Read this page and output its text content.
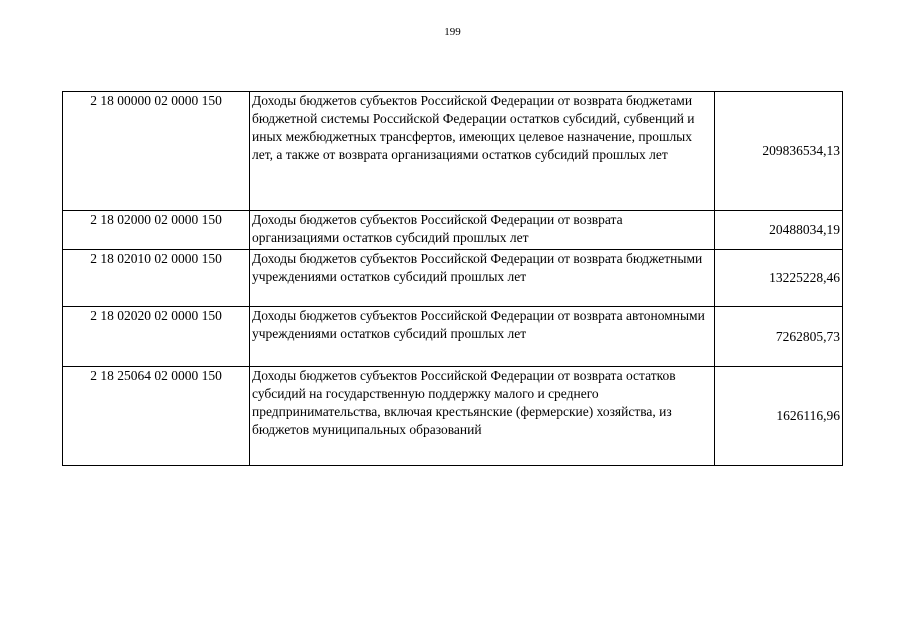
199
2 18 00000 02 0000 150	Доходы бюджетов субъектов Российской Федерации от возврата бюджетами бюджетной системы Российской Федерации остатков субсидий, субвенций и иных межбюджетных трансфертов, имеющих целевое назначение, прошлых лет, а также от возврата организациями остатков субсидий прошлых лет	209836534,13
2 18 02000 02 0000 150	Доходы бюджетов субъектов Российской Федерации от возврата организациями остатков субсидий прошлых лет	20488034,19
2 18 02010 02 0000 150	Доходы бюджетов субъектов Российской Федерации от возврата бюджетными учреждениями остатков субсидий прошлых лет	13225228,46
2 18 02020 02 0000 150	Доходы бюджетов субъектов Российской Федерации от возврата автономными учреждениями остатков субсидий прошлых лет	7262805,73
2 18 25064 02 0000 150	Доходы бюджетов субъектов Российской Федерации от возврата остатков субсидий на государственную поддержку малого и среднего предпринимательства, включая крестьянские (фермерские) хозяйства, из бюджетов муниципальных образований	1626116,96
